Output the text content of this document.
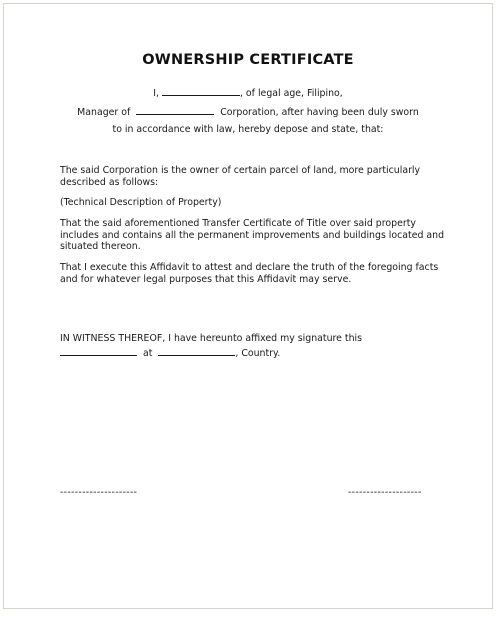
OWNERSHIP CERTIFICATE
I,	, of legal age, Filipino,
Manager of	Corporation, after having been duly sworn
to in accordance with law, hereby depose and state, that:
The said Corporation is the owner of certain parcel of land, more particularly described as follows:
(Technical Description of Property)
That the said aforementioned Transfer Certificate of Title over said property includes and contains all the permanent improvements and buildings located and situated thereon.
That I execute this Affidavit to attest and declare the truth of the foregoing facts and for whatever legal purposes that this Affidavit may serve.
IN WITNESS THEREOF, I have hereunto affixed my signature this
at	, Country.
---------------------	--------------------
